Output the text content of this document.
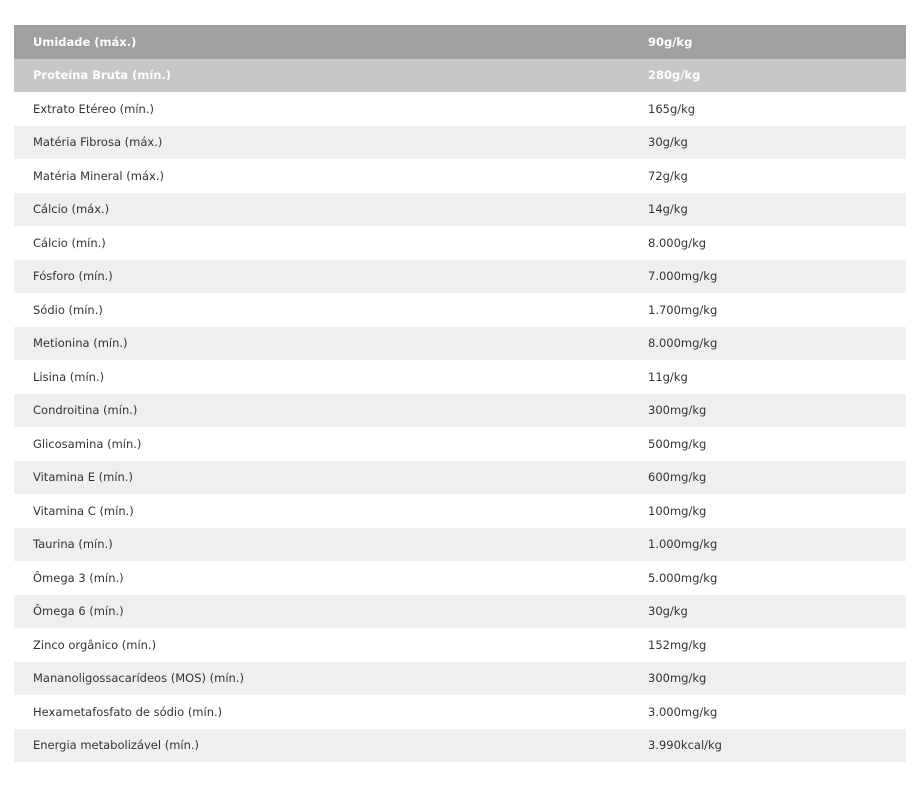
Umidade (máx.)	90g/kg
Proteína Bruta (mín.)	280g/kg
Extrato Etéreo (mín.)	165g/kg
Matéria Fibrosa (máx.)	30g/kg
Matéria Mineral (máx.)	72g/kg
Cálcio (máx.)	14g/kg
Cálcio (mín.)	8.000g/kg
Fósforo (mín.)	7.000mg/kg
Sódio (mín.)	1.700mg/kg
Metionina (mín.)	8.000mg/kg
Lisina (mín.)	11g/kg
Condroitina (mín.)	300mg/kg
Glicosamina (mín.)	500mg/kg
Vitamina E (mín.)	600mg/kg
Vitamina C (mín.)	100mg/kg
Taurina (mín.)	1.000mg/kg
Ômega 3 (mín.)	5.000mg/kg
Ômega 6 (mín.)	30g/kg
Zinco orgânico (mín.)	152mg/kg
Mananoligossacarídeos (MOS) (mín.)	300mg/kg
Hexametafosfato de sódio (mín.)	3.000mg/kg
Energia metabolizável (mín.)	3.990kcal/kg
